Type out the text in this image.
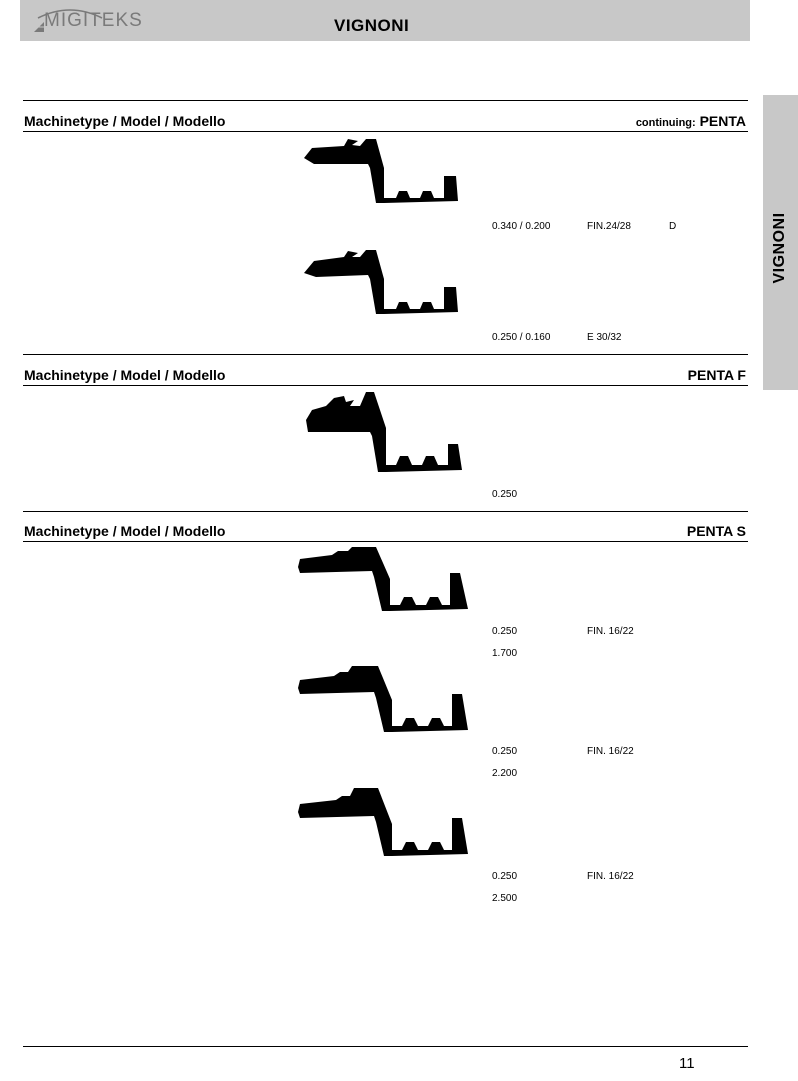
MIGITEKS	VIGNONI
VIGNONI
Machinetype / Model / Modello	continuing: PENTA
0.340 / 0.200	FIN.24/28	D
0.250 / 0.160	E 30/32
Machinetype / Model / Modello	PENTA F
0.250
Machinetype / Model / Modello	PENTA S
0.250	FIN. 16/22
1.700
0.250	FIN. 16/22
2.200
0.250	FIN. 16/22
2.500
11
